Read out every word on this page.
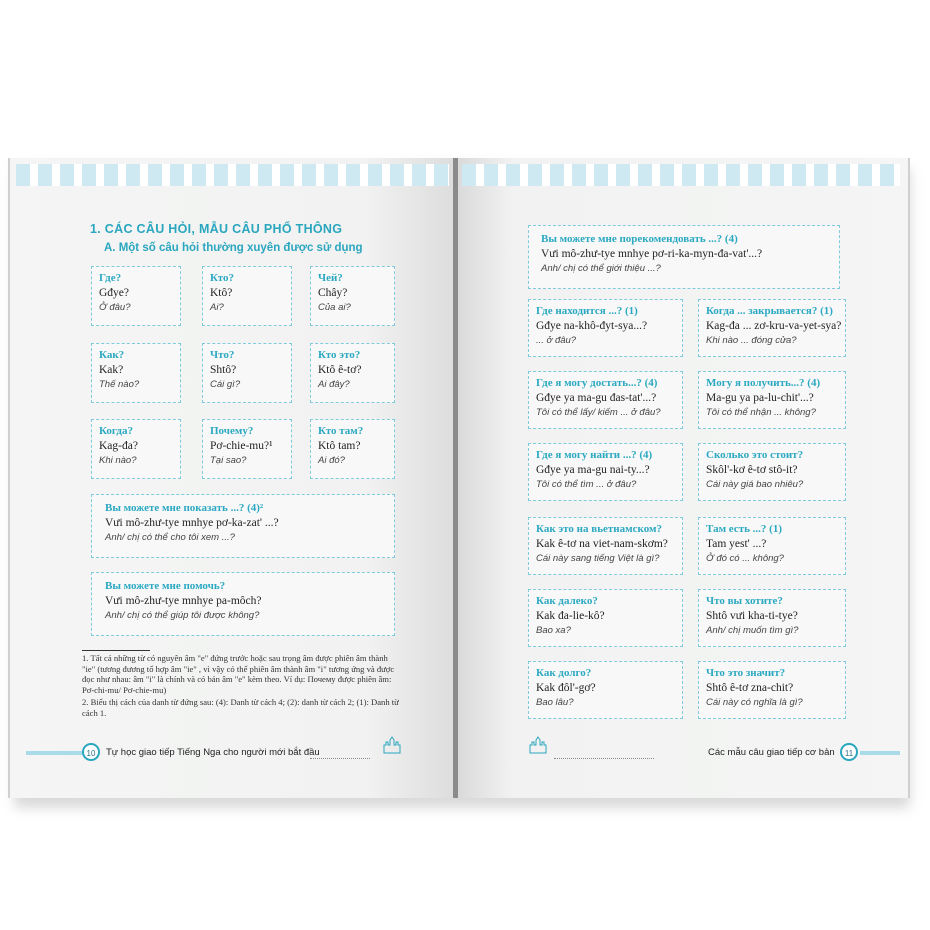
1. CÁC CÂU HỎI, MẪU CÂU PHỔ THÔNG
A. Một số câu hỏi thường xuyên được sử dụng
Где?
Gđye?
Ở đâu?
Кто?
Ktô?
Ai?
Чей?
Chây?
Của ai?
Как?
Kak?
Thế nào?
Что?
Shtô?
Cái gì?
Кто это?
Ktô ê-tơ?
Ai đây?
Когда?
Kag-đa?
Khi nào?
Почему?
Pơ-chie-mu?¹
Tại sao?
Кто там?
Ktô tam?
Ai đó?
Вы можете мне показать ...? (4)²
Vưi mô-zhư-tye mnhye pơ-ka-zat' ...?
Anh/ chị có thể cho tôi xem ...?
Вы можете мне помочь?
Vưi mô-zhư-tye mnhye pa-môch?
Anh/ chị có thể giúp tôi được không?

1. Tất cả những từ có nguyên âm "e" đứng trước hoặc sau trọng âm được phiên âm thành "ie" (tương đương tổ hợp âm "ie" , vì vậy có thể phiên âm thành âm "i" tương ứng và được đọc như nhau: âm "i" là chính và có bán âm "e" kèm theo. Ví dụ: Почему được phiên âm: Pơ-chi-mu/ Pơ-chie-mu)

2. Biểu thị cách của danh từ đứng sau: (4): Danh từ cách 4; (2): danh từ cách 2; (1): Danh từ cách 1.

10	Tự học giao tiếp Tiếng Nga cho người mới bắt đầu
Вы можете мне порекомендовать ...? (4)
Vưi mô-zhư-tye mnhye pơ-ri-ka-myn-đa-vat'...?
Anh/ chị có thể giới thiệu ...?
Где находится ...? (1)
Gđye na-khô-đyt-sya...?
... ở đâu?
Когда ... закрывается? (1)
Kag-đa ... zơ-kru-va-yet-sya?
Khi nào ... đóng cửa?
Где я могу достать...? (4)
Gđye ya ma-gu đas-tat'...?
Tôi có thể lấy/ kiếm ... ở đâu?
Могу я получить...? (4)
Ma-gu ya pa-lu-chit'...?
Tôi có thể nhận ... không?
Где я могу найти ...? (4)
Gđye ya ma-gu nai-ty...?
Tôi có thể tìm ... ở đâu?
Сколько это стоит?
Skôl'-kơ ê-tơ stô-it?
Cái này giá bao nhiêu?
Как это на вьетнамском?
Kak ê-tơ na viet-nam-skơm?
Cái này sang tiếng Việt là gì?
Там есть ...? (1)
Tam yest' ...?
Ở đó có ... không?
Как далеко?
Kak đa-lie-kô?
Bao xa?
Что вы хотите?
Shtô vưi kha-ti-tye?
Anh/ chị muốn tìm gì?
Как долго?
Kak đôl'-gơ?
Bao lâu?
Что это значит?
Shtô ê-tơ zna-chit?
Cái này có nghĩa là gì?
Các mẫu câu giao tiếp cơ bản	11
